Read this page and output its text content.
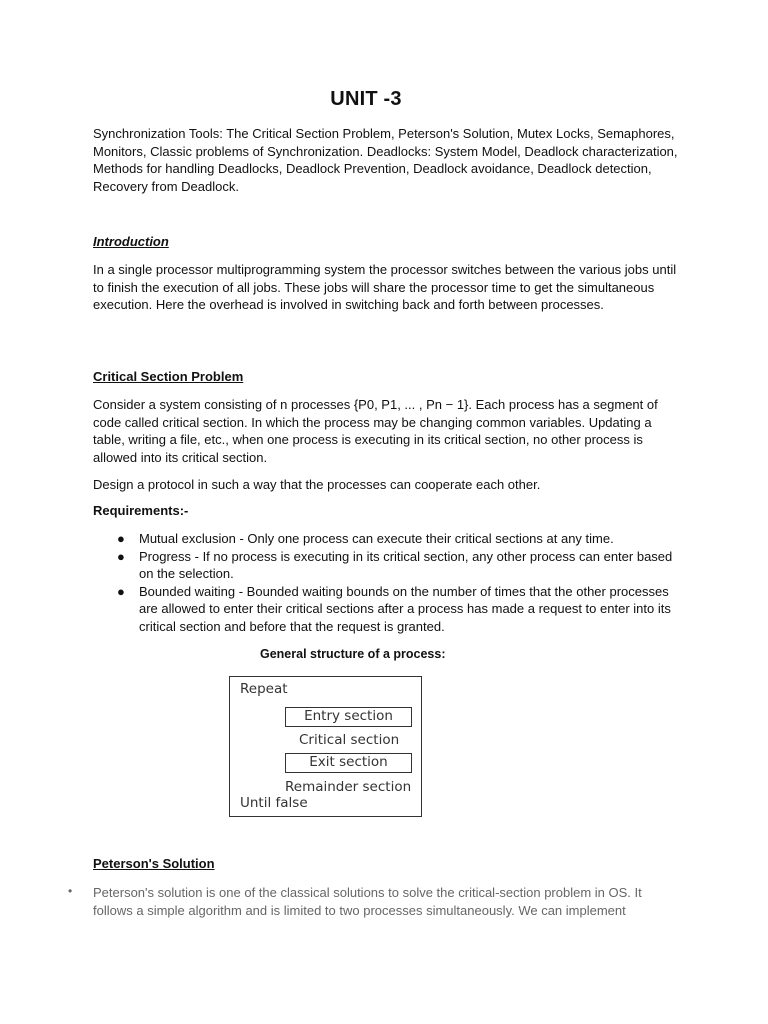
UNIT -3
Synchronization Tools: The Critical Section Problem, Peterson's Solution, Mutex Locks, Semaphores, Monitors, Classic problems of Synchronization. Deadlocks: System Model, Deadlock characterization, Methods for handling Deadlocks, Deadlock Prevention, Deadlock avoidance, Deadlock detection, Recovery from Deadlock.
Introduction
In a single processor multiprogramming system the processor switches between the various jobs until to finish the execution of all jobs. These jobs will share the processor time to get the simultaneous execution. Here the overhead is involved in switching back and forth between processes.
Critical Section Problem
Consider a system consisting of n processes {P0, P1, ... , Pn − 1}. Each process has a segment of code called critical section. In which the process may be changing common variables. Updating a table, writing a file, etc., when one process is executing in its critical section, no other process is allowed into its critical section.
Design a protocol in such a way that the processes can cooperate each other.
Requirements:-
● Mutual exclusion - Only one process can execute their critical sections at any time.
● Progress - If no process is executing in its critical section, any other process can enter based on the selection.
● Bounded waiting - Bounded waiting bounds on the number of times that the other processes are allowed to enter their critical sections after a process has made a request to enter into its critical section and before that the request is granted.
General structure of a process:
Repeat
Entry section
Critical section
Exit section
Remainder section
Until false
Peterson's Solution
• Peterson's solution is one of the classical solutions to solve the critical-section problem in OS. It follows a simple algorithm and is limited to two processes simultaneously. We can implement
